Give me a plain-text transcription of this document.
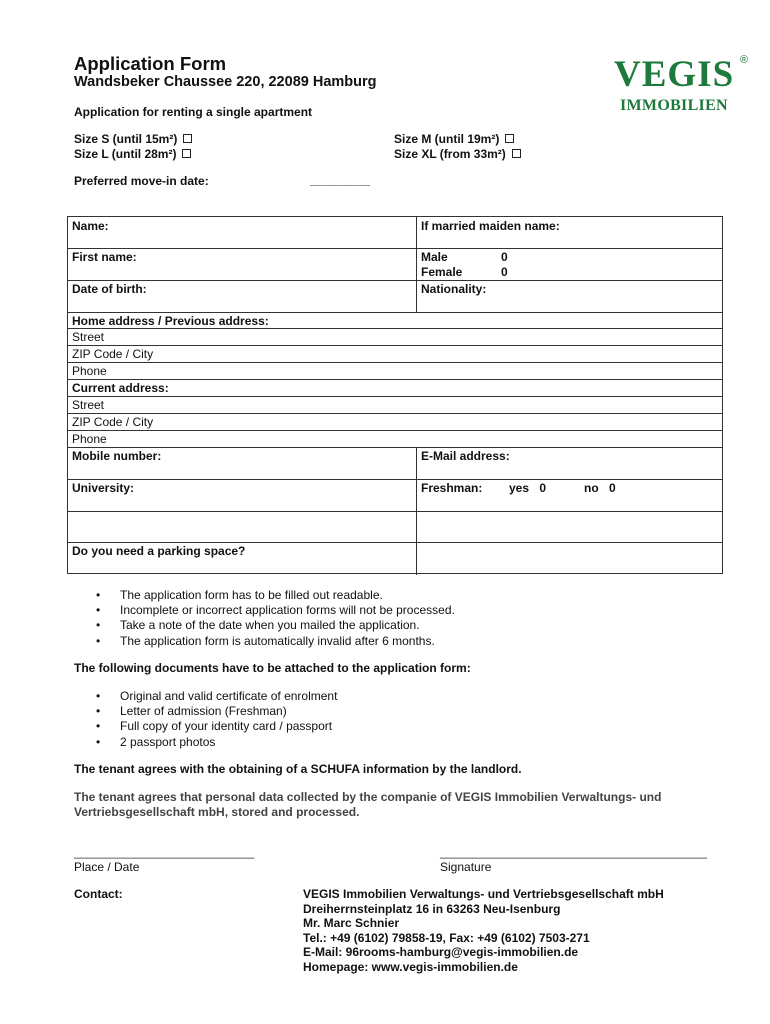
Application Form
Wandsbeker Chaussee 220, 22089 Hamburg
Application for renting a single apartment
VEGIS ®
IMMOBILIEN
Size S (until 15m²)	Size M (until 19m²)
Size L (until 28m²)	Size XL (from 33m²)
Preferred move-in date:	_________
Name:	If married maiden name:
First name:	Male	0
Female	0
Date of birth:	Nationality:
Home address / Previous address:
Street
ZIP Code / City
Phone
Current address:
Street
ZIP Code / City
Phone
Mobile number:	E-Mail address:
University:	Freshman: yes 0	no 0
Do you need a parking space?
• The application form has to be filled out readable.
• Incomplete or incorrect application forms will not be processed.
• Take a note of the date when you mailed the application.
• The application form is automatically invalid after 6 months.
The following documents have to be attached to the application form:
• Original and valid certificate of enrolment
• Letter of admission (Freshman)
• Full copy of your identity card / passport
• 2 passport photos
The tenant agrees with the obtaining of a SCHUFA information by the landlord.
The tenant agrees that personal data collected by the companie of VEGIS Immobilien Verwaltungs- und Vertriebsgesellschaft mbH, stored and processed.
___________________________	________________________________________
Place / Date	Signature
Contact:	VEGIS Immobilien Verwaltungs- und Vertriebsgesellschaft mbH
Dreiherrnsteinplatz 16 in 63263 Neu-Isenburg
Mr. Marc Schnier
Tel.: +49 (6102) 79858-19, Fax: +49 (6102) 7503-271
E-Mail: 96rooms-hamburg@vegis-immobilien.de
Homepage: www.vegis-immobilien.de
